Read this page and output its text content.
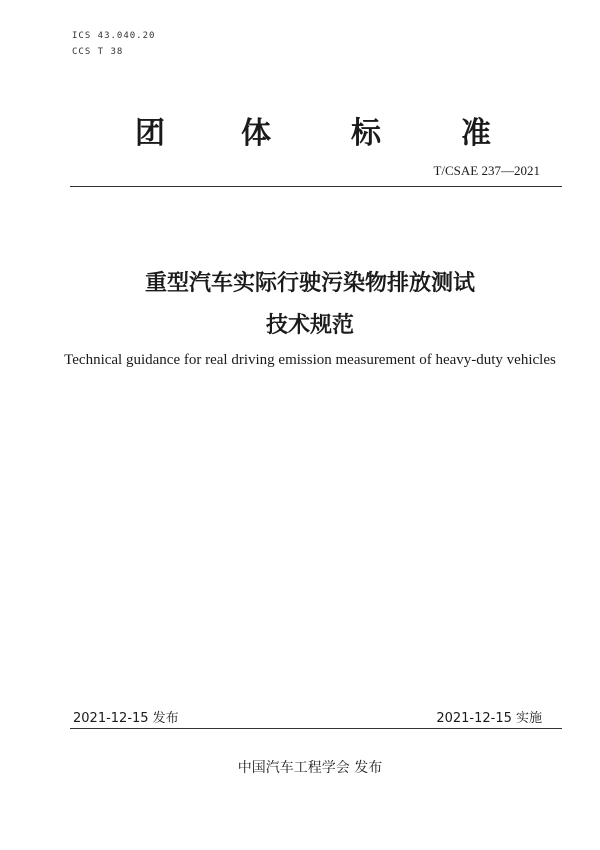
ICS 43.040.20
CCS T 38
团	体	标	准
T/CSAE 237—2021
重型汽车实际行驶污染物排放测试
技术规范
Technical guidance for real driving emission measurement of heavy-duty vehicles
2021-12-15 发布	2021-12-15 实施
中国汽车工程学会 发布
